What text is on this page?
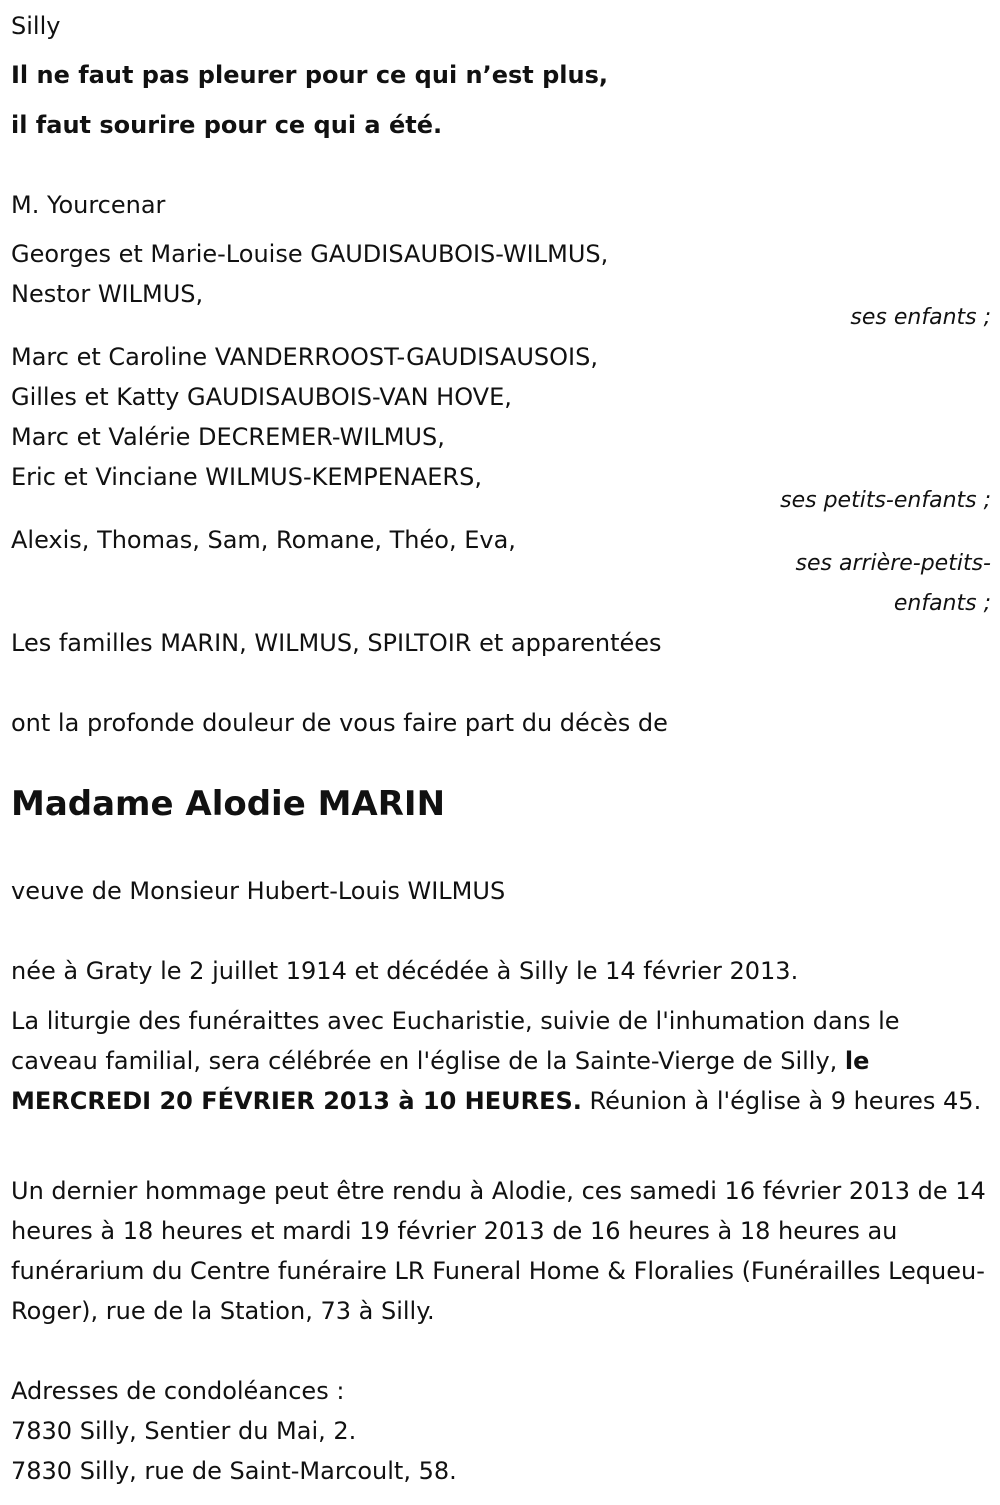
Silly

Il ne faut pas pleurer pour ce qui n’est plus,

il faut sourire pour ce qui a été.

M. Yourcenar

Georges et Marie-Louise GAUDISAUBOIS-WILMUS,

Nestor WILMUS,

ses enfants ;

Marc et Caroline VANDERROOST-GAUDISAUSOIS,

Gilles et Katty GAUDISAUBOIS-VAN HOVE,

Marc et Valérie DECREMER-WILMUS,

Eric et Vinciane WILMUS-KEMPENAERS,

ses petits-enfants ;

Alexis, Thomas, Sam, Romane, Théo, Eva,

ses arrière-petits-

enfants ;

Les familles MARIN, WILMUS, SPILTOIR et apparentées

ont la profonde douleur de vous faire part du décès de

Madame Alodie MARIN

veuve de Monsieur Hubert-Louis WILMUS

née à Graty le 2 juillet 1914 et décédée à Silly le 14 février 2013.

La liturgie des funéraittes avec Eucharistie, suivie de l'inhumation dans le caveau familial, sera célébrée en l'église de la Sainte-Vierge de Silly, le MERCREDI 20 FÉVRIER 2013 à 10 HEURES. Réunion à l'église à 9 heures 45.

Un dernier hommage peut être rendu à Alodie, ces samedi 16 février 2013 de 14 heures à 18 heures et mardi 19 février 2013 de 16 heures à 18 heures au funérarium du Centre funéraire LR Funeral Home & Floralies (Funérailles Lequeu-Roger), rue de la Station, 73 à Silly.

Adresses de condoléances :

7830 Silly, Sentier du Mai, 2.

7830 Silly, rue de Saint-Marcoult, 58.
